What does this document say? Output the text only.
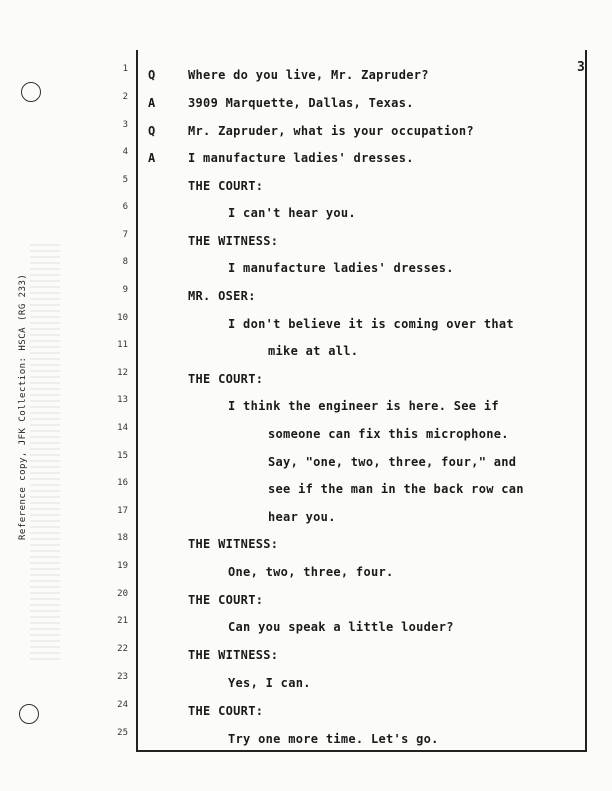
Reference copy, JFK Collection: HSCA (RG 233)
3
1 Q	Where do you live, Mr. Zapruder?
2 A	3909 Marquette, Dallas, Texas.
3 Q	Mr. Zapruder, what is your occupation?
4 A	I manufacture ladies' dresses.
5	THE COURT:
6	I can't hear you.
7	THE WITNESS:
8	I manufacture ladies' dresses.
9	MR. OSER:
10	I don't believe it is coming over that
11	mike at all.
12	THE COURT:
13	I think the engineer is here. See if
14	someone can fix this microphone.
15	Say, "one, two, three, four," and
16	see if the man in the back row can
17	hear you.
18	THE WITNESS:
19	One, two, three, four.
20	THE COURT:
21	Can you speak a little louder?
22	THE WITNESS:
23	Yes, I can.
24	THE COURT:
25	Try one more time. Let's go.
